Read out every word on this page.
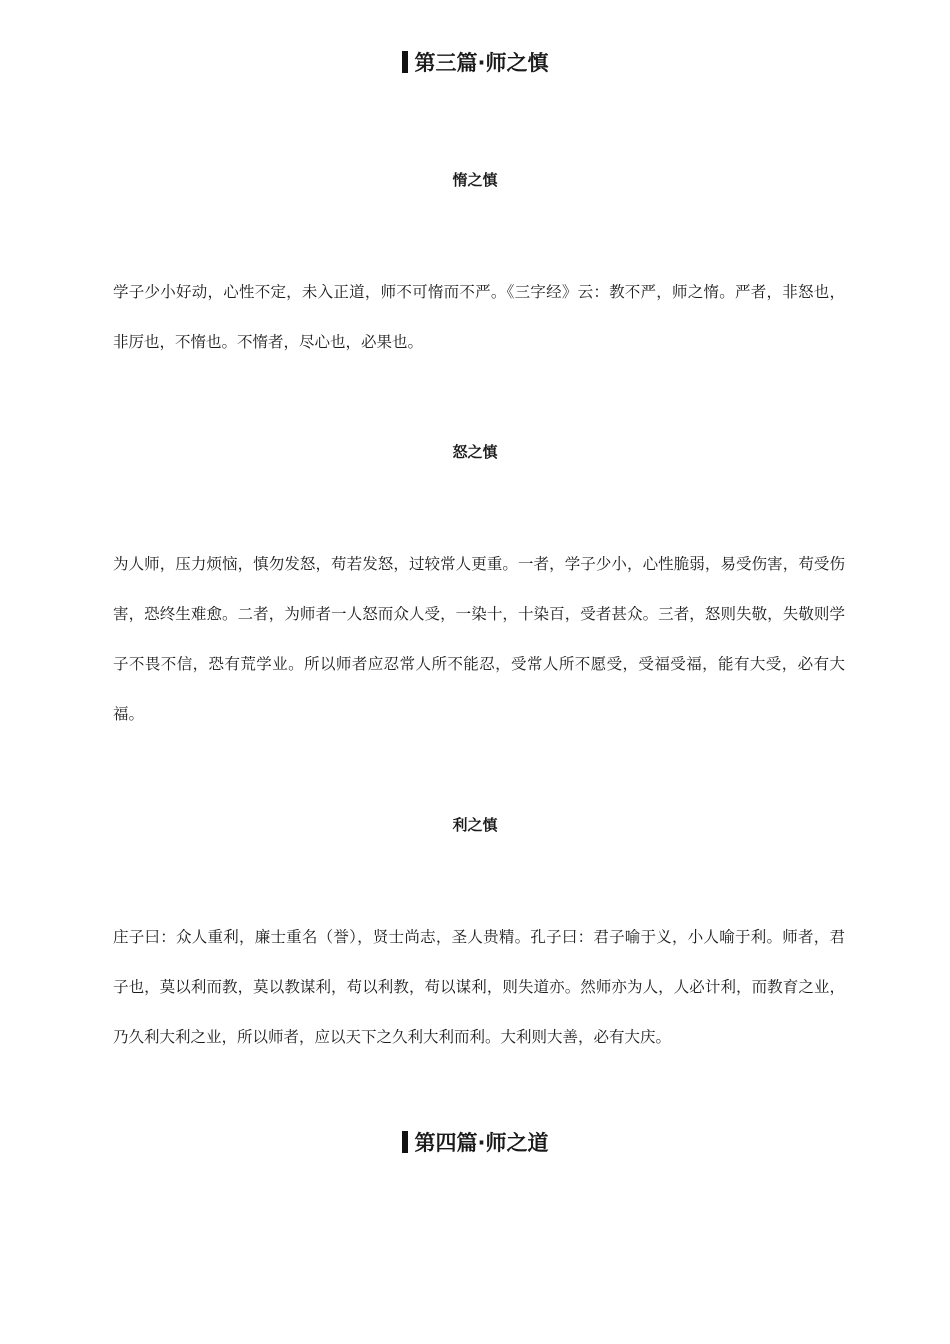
第三篇·师之慎
惰之慎

学子少小好动，心性不定，未入正道，师不可惰而不严。《三字经》云：教不严，师之惰。严者，非怒也，非厉也，不惰也。不惰者，尽心也，必果也。

怒之慎

为人师，压力烦恼，慎勿发怒，苟若发怒，过较常人更重。一者，学子少小，心性脆弱，易受伤害，苟受伤害，恐终生难愈。二者，为师者一人怒而众人受，一染十，十染百，受者甚众。三者，怒则失敬，失敬则学子不畏不信，恐有荒学业。所以师者应忍常人所不能忍，受常人所不愿受，受福受福，能有大受，必有大福。

利之慎

庄子曰：众人重利，廉士重名（誉），贤士尚志，圣人贵精。孔子曰：君子喻于义，小人喻于利。师者，君子也，莫以利而教，莫以教谋利，苟以利教，苟以谋利，则失道亦。然师亦为人，人必计利，而教育之业，乃久利大利之业，所以师者，应以天下之久利大利而利。大利则大善，必有大庆。

第四篇·师之道
